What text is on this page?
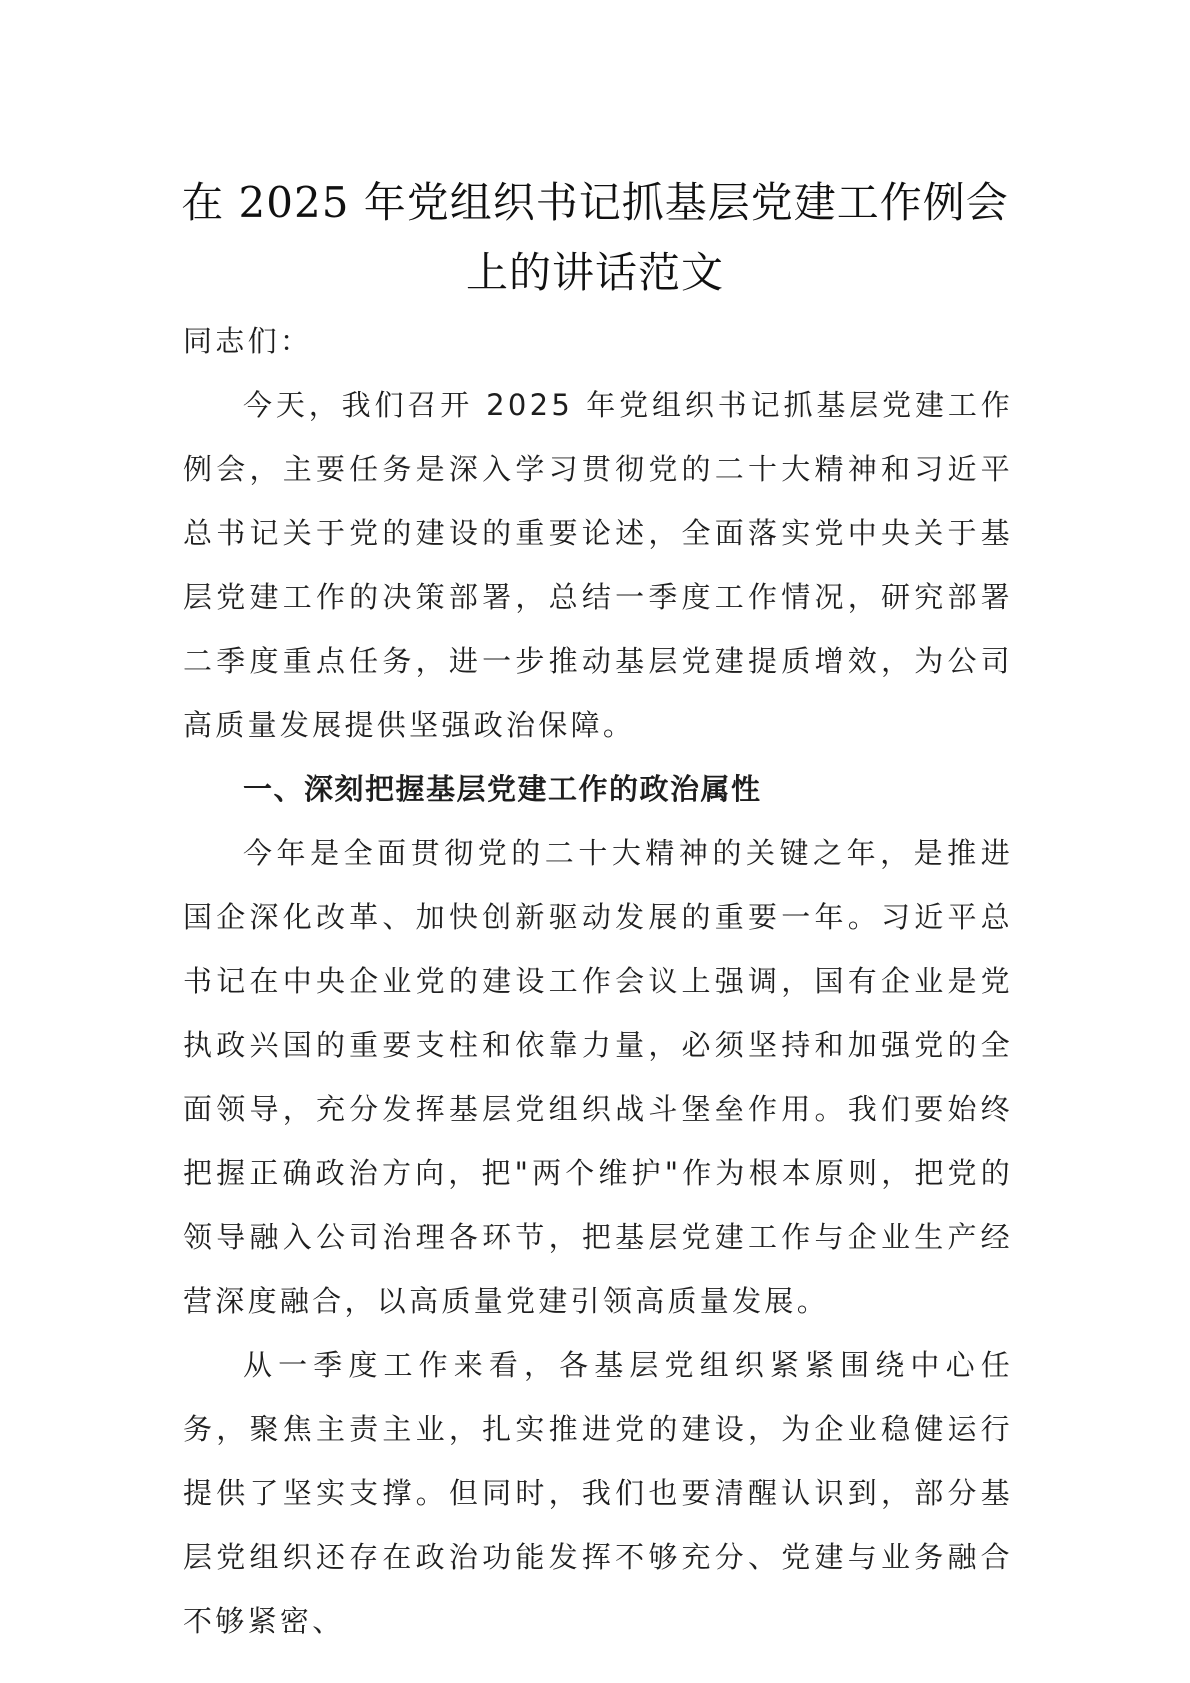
在 2025 年党组织书记抓基层党建工作例会
上的讲话范文

同志们：

今天，我们召开 2025 年党组织书记抓基层党建工作例会，主要任务是深入学习贯彻党的二十大精神和习近平总书记关于党的建设的重要论述，全面落实党中央关于基层党建工作的决策部署，总结一季度工作情况，研究部署二季度重点任务，进一步推动基层党建提质增效，为公司高质量发展提供坚强政治保障。

一、深刻把握基层党建工作的政治属性

今年是全面贯彻党的二十大精神的关键之年，是推进国企深化改革、加快创新驱动发展的重要一年。习近平总书记在中央企业党的建设工作会议上强调，国有企业是党执政兴国的重要支柱和依靠力量，必须坚持和加强党的全面领导，充分发挥基层党组织战斗堡垒作用。我们要始终把握正确政治方向，把"两个维护"作为根本原则，把党的领导融入公司治理各环节，把基层党建工作与企业生产经营深度融合，以高质量党建引领高质量发展。

从一季度工作来看，各基层党组织紧紧围绕中心任务，聚焦主责主业，扎实推进党的建设，为企业稳健运行提供了坚实支撑。但同时，我们也要清醒认识到，部分基层党组织还存在政治功能发挥不够充分、党建与业务融合不够紧密、
